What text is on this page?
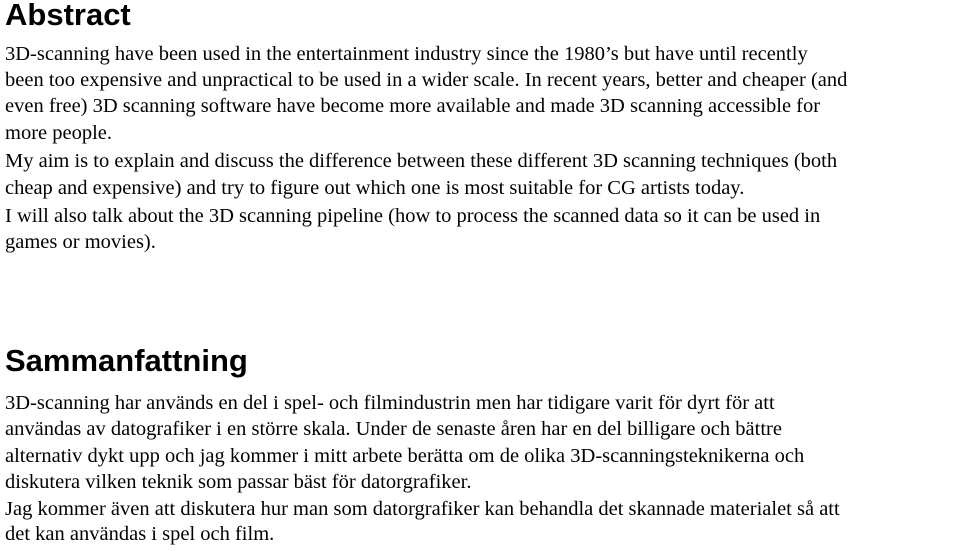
Abstract

3D-scanning have been used in the entertainment industry since the 1980’s but have until recently

been too expensive and unpractical to be used in a wider scale. In recent years, better and cheaper (and

even free) 3D scanning software have become more available and made 3D scanning accessible for

more people.

My aim is to explain and discuss the difference between these different 3D scanning techniques (both

cheap and expensive) and try to figure out which one is most suitable for CG artists today.

I will also talk about the 3D scanning pipeline (how to process the scanned data so it can be used in

games or movies).

Sammanfattning

3D-scanning har används en del i spel- och filmindustrin men har tidigare varit för dyrt för att

användas av datografiker i en större skala. Under de senaste åren har en del billigare och bättre

alternativ dykt upp och jag kommer i mitt arbete berätta om de olika 3D-scanningsteknikerna och

diskutera vilken teknik som passar bäst för datorgrafiker.

Jag kommer även att diskutera hur man som datorgrafiker kan behandla det skannade materialet så att

det kan användas i spel och film.
